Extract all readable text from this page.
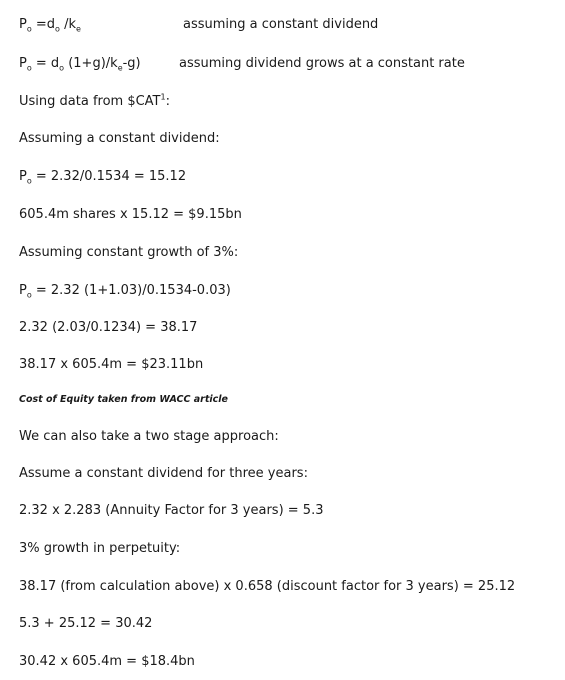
$P_o =d_o$ $/k_e$	assuming a constant dividend
$P_o = d_o$ $(1+g)/k_e-g$)	assuming dividend grows at a constant rate
Using data from $CAT$^1$:
Assuming a constant dividend:
$P_o = 2.32/0.1534 = 15.12$
605.4m shares x 15.12 = $9.15bn
Assuming constant growth of 3%:
$P_o = 2.32$ (1+1.03)/0.1534-0.03)
2.32 (2.03/0.1234) = 38.17
38.17 x 605.4m = $23.11bn
Cost of Equity taken from WACC article
We can also take a two stage approach:
Assume a constant dividend for three years:
2.32 x 2.283 (Annuity Factor for 3 years) = 5.3
3% growth in perpetuity:
38.17 (from calculation above) x 0.658 (discount factor for 3 years) = 25.12
5.3 + 25.12 = 30.42
30.42 x 605.4m = $18.4bn
